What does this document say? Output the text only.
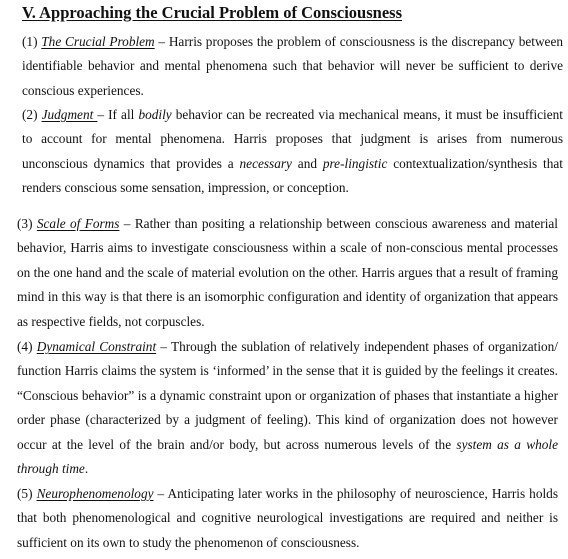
V. Approaching the Crucial Problem of Consciousness

(1) The Crucial Problem – Harris proposes the problem of consciousness is the discrepancy between identifiable behavior and mental phenomena such that behavior will never be sufficient to derive conscious experiences.

(2) Judgment – If all bodily behavior can be recreated via mechanical means, it must be insufficient to account for mental phenomena. Harris proposes that judgment is arises from numerous unconscious dynamics that provides a necessary and pre-lingistic contextualization/synthesis that renders conscious some sensation, impression, or conception.

(3) Scale of Forms – Rather than positing a relationship between conscious awareness and material behavior, Harris aims to investigate consciousness within a scale of non-conscious mental processes on the one hand and the scale of material evolution on the other. Harris argues that a result of framing mind in this way is that there is an isomorphic configuration and identity of organization that appears as respective fields, not corpuscles.

(4) Dynamical Constraint – Through the sublation of relatively independent phases of organization/ function Harris claims the system is ‘informed’ in the sense that it is guided by the feelings it creates. “Conscious behavior” is a dynamic constraint upon or organization of phases that instantiate a higher order phase (characterized by a judgment of feeling). This kind of organization does not however occur at the level of the brain and/or body, but across numerous levels of the system as a whole through time.

(5) Neurophenomenology – Anticipating later works in the philosophy of neuroscience, Harris holds that both phenomenological and cognitive neurological investigations are required and neither is sufficient on its own to study the phenomenon of consciousness.
